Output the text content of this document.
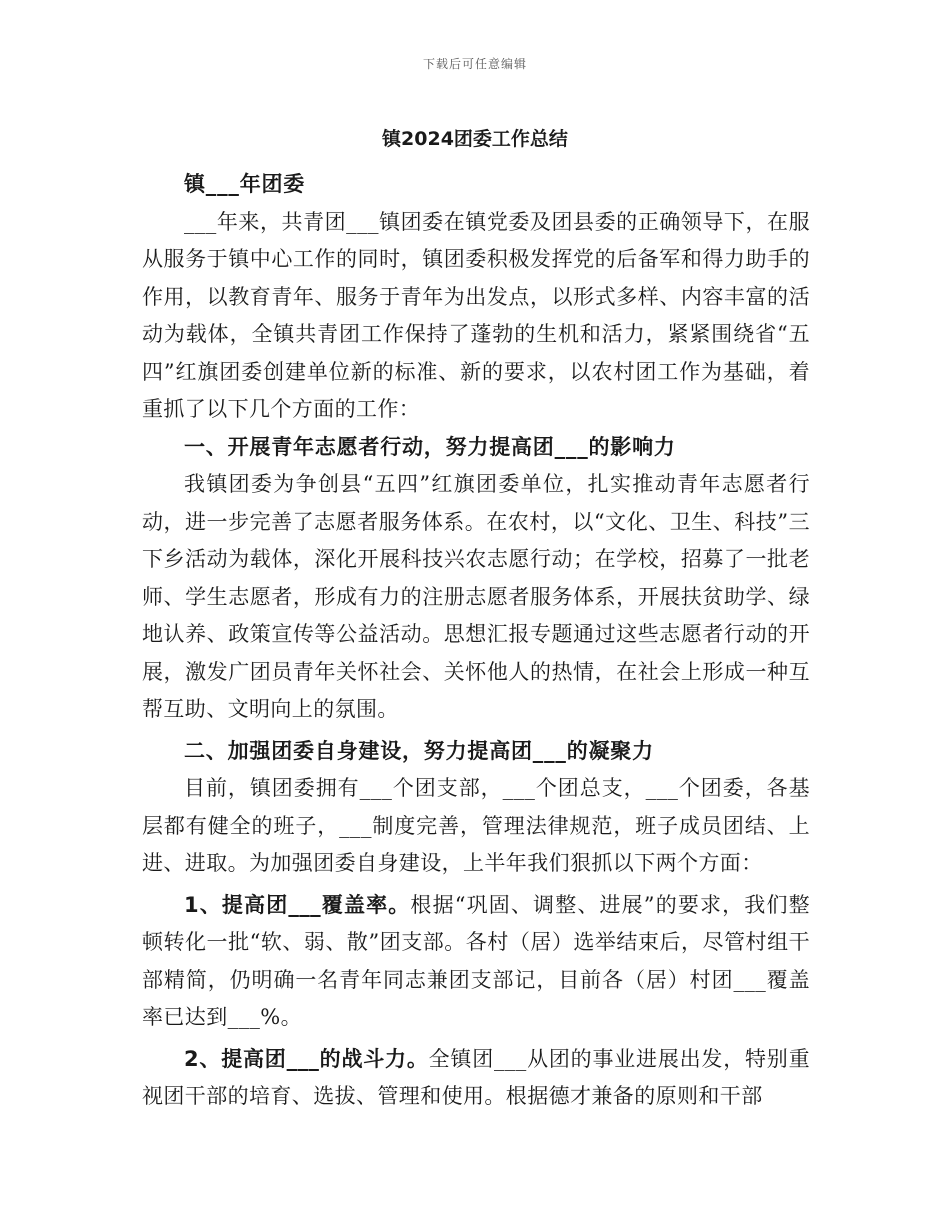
下载后可任意编辑
镇2024团委工作总结

镇___年团委

___年来，共青团___镇团委在镇党委及团县委的正确领导下，在服从服务于镇中心工作的同时，镇团委积极发挥党的后备军和得力助手的作用，以教育青年、服务于青年为出发点，以形式多样、内容丰富的活动为载体，全镇共青团工作保持了蓬勃的生机和活力，紧紧围绕省“五四”红旗团委创建单位新的标准、新的要求，以农村团工作为基础，着重抓了以下几个方面的工作：

一、开展青年志愿者行动，努力提高团___的影响力

我镇团委为争创县“五四”红旗团委单位，扎实推动青年志愿者行动，进一步完善了志愿者服务体系。在农村，以“文化、卫生、科技”三下乡活动为载体，深化开展科技兴农志愿行动；在学校，招募了一批老师、学生志愿者，形成有力的注册志愿者服务体系，开展扶贫助学、绿地认养、政策宣传等公益活动。思想汇报专题通过这些志愿者行动的开展，激发广团员青年关怀社会、关怀他人的热情，在社会上形成一种互帮互助、文明向上的氛围。

二、加强团委自身建设，努力提高团___的凝聚力

目前，镇团委拥有___个团支部，___个团总支，___个团委，各基层都有健全的班子，___制度完善，管理法律规范，班子成员团结、上进、进取。为加强团委自身建设，上半年我们狠抓以下两个方面：

1、提高团___覆盖率。根据“巩固、调整、进展”的要求，我们整顿转化一批“软、弱、散”团支部。各村（居）选举结束后，尽管村组干部精简，仍明确一名青年同志兼团支部记，目前各（居）村团___覆盖率已达到___%。

2、提高团___的战斗力。全镇团___从团的事业进展出发，特别重视团干部的培育、选拔、管理和使用。根据德才兼备的原则和干部
